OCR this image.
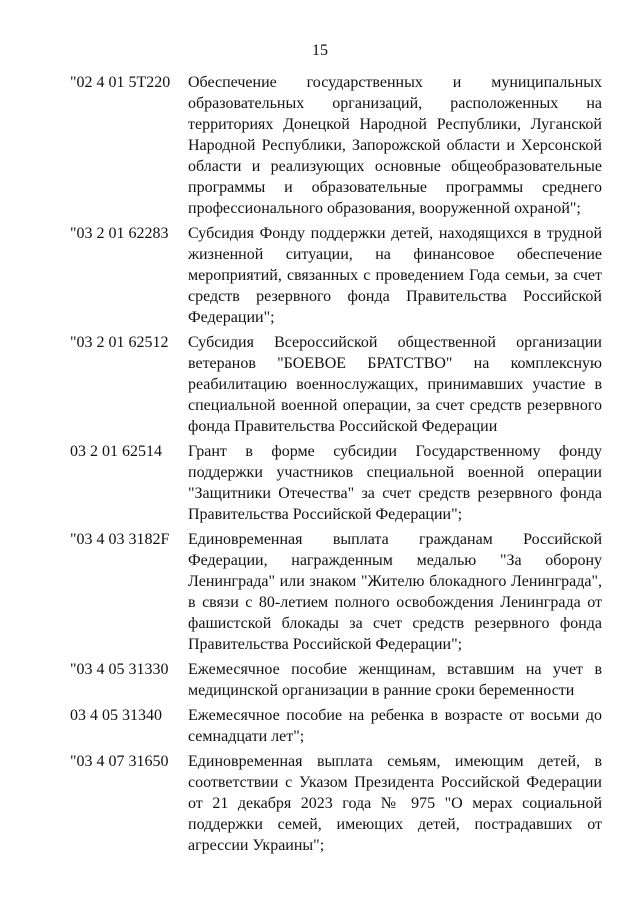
15
"02 4 01 5Т220	Обеспечение государственных и муниципальных образовательных организаций, расположенных на территориях Донецкой Народной Республики, Луганской Народной Республики, Запорожской области и Херсонской области и реализующих основные общеобразовательные программы и образовательные программы среднего профессионального образования, вооруженной охраной";
"03 2 01 62283	Субсидия Фонду поддержки детей, находящихся в трудной жизненной ситуации, на финансовое обеспечение мероприятий, связанных с проведением Года семьи, за счет средств резервного фонда Правительства Российской Федерации";
"03 2 01 62512	Субсидия Всероссийской общественной организации ветеранов "БОЕВОЕ БРАТСТВО" на комплексную реабилитацию военнослужащих, принимавших участие в специальной военной операции, за счет средств резервного фонда Правительства Российской Федерации
03 2 01 62514	Грант в форме субсидии Государственному фонду поддержки участников специальной военной операции "Защитники Отечества" за счет средств резервного фонда Правительства Российской Федерации";
"03 4 03 3182F	Единовременная выплата гражданам Российской Федерации, награжденным медалью "За оборону Ленинграда" или знаком "Жителю блокадного Ленинграда", в связи с 80-летием полного освобождения Ленинграда от фашистской блокады за счет средств резервного фонда Правительства Российской Федерации";
"03 4 05 31330	Ежемесячное пособие женщинам, вставшим на учет в медицинской организации в ранние сроки беременности
03 4 05 31340	Ежемесячное пособие на ребенка в возрасте от восьми до семнадцати лет";
"03 4 07 31650	Единовременная выплата семьям, имеющим детей, в соответствии с Указом Президента Российской Федерации от 21 декабря 2023 года № 975 "О мерах социальной поддержки семей, имеющих детей, пострадавших от агрессии Украины";
